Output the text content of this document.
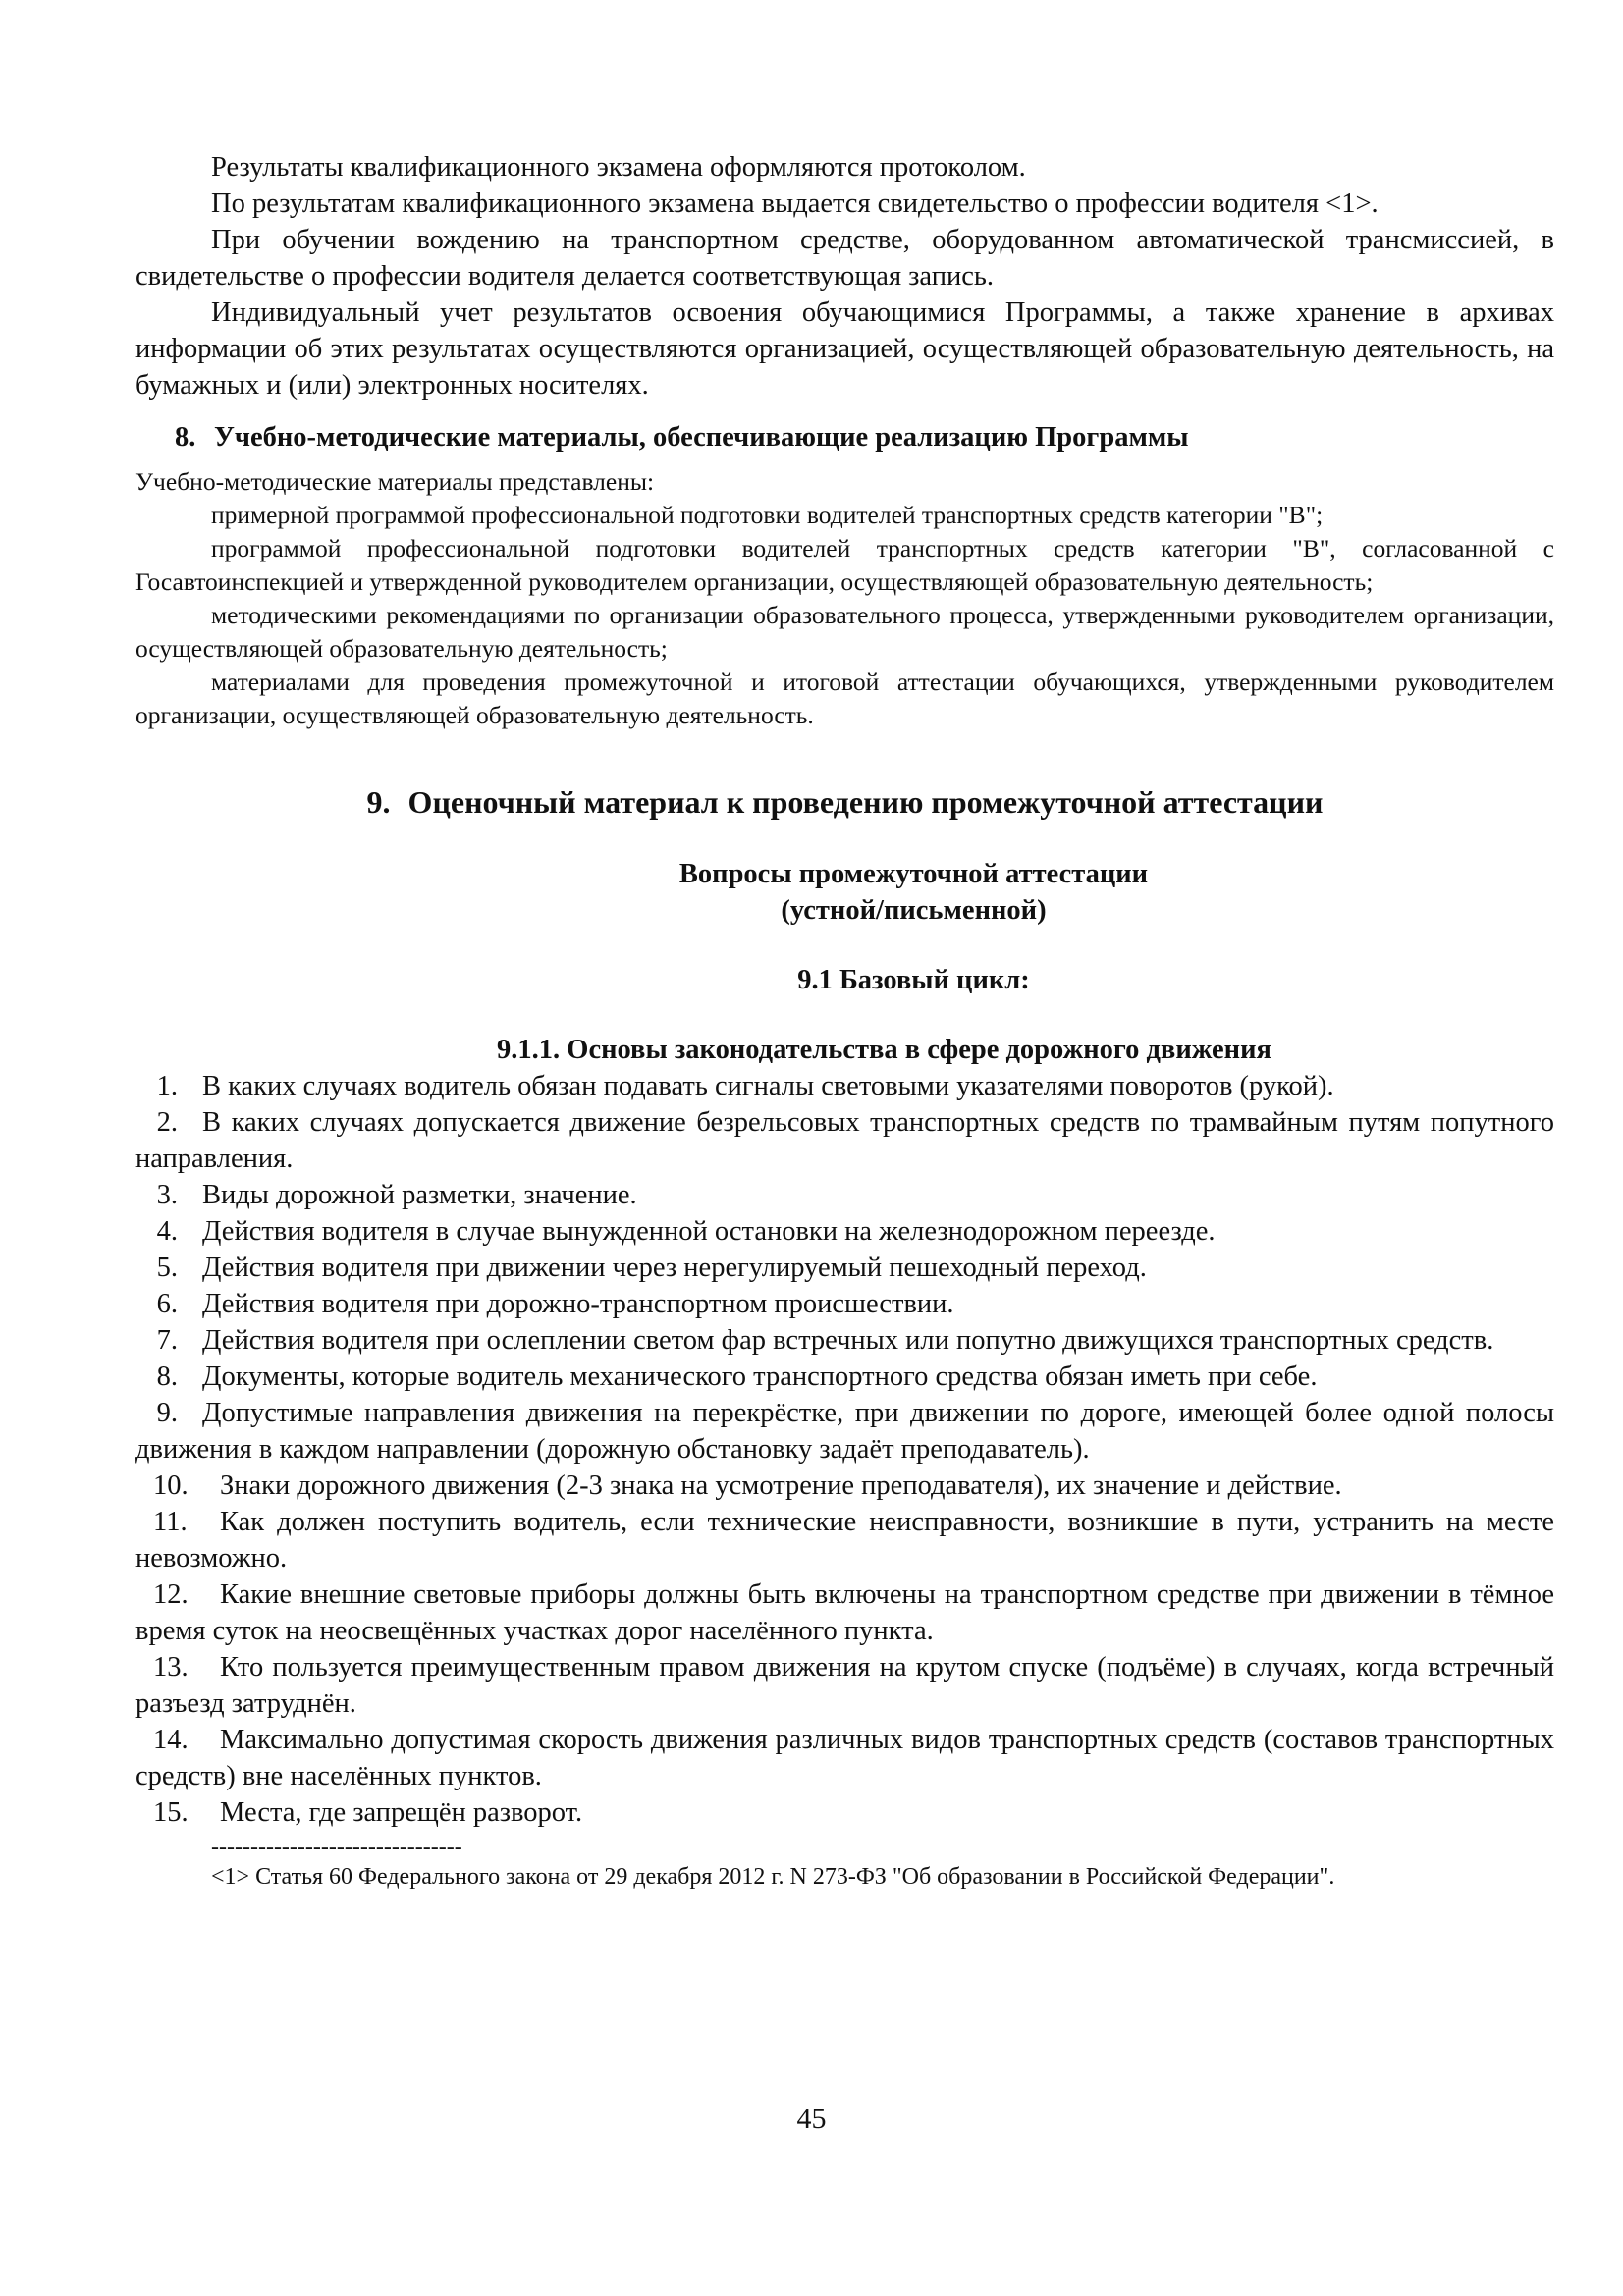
Результаты квалификационного экзамена оформляются протоколом.

По результатам квалификационного экзамена выдается свидетельство о профессии водителя <1>.

При обучении вождению на транспортном средстве, оборудованном автоматической трансмиссией, в свидетельстве о профессии водителя делается соответствующая запись.

Индивидуальный учет результатов освоения обучающимися Программы, а также хранение в архивах информации об этих результатах осуществляются организацией, осуществляющей образовательную деятельность, на бумажных и (или) электронных носителях.

8. Учебно-методические материалы, обеспечивающие реализацию Программы

Учебно-методические материалы представлены:

примерной программой профессиональной подготовки водителей транспортных средств категории "B";

программой профессиональной подготовки водителей транспортных средств категории "B", согласованной с Госавтоинспекцией и утвержденной руководителем организации, осуществляющей образовательную деятельность;

методическими рекомендациями по организации образовательного процесса, утвержденными руководителем организации, осуществляющей образовательную деятельность;

материалами для проведения промежуточной и итоговой аттестации обучающихся, утвержденными руководителем организации, осуществляющей образовательную деятельность.

9. Оценочный материал к проведению промежуточной аттестации
Вопросы промежуточной аттестации
(устной/письменной)
9.1 Базовый цикл:
9.1.1. Основы законодательства в сфере дорожного движения

1. В каких случаях водитель обязан подавать сигналы световыми указателями поворотов (рукой).

2. В каких случаях допускается движение безрельсовых транспортных средств по трамвайным путям попутного направления.

3. Виды дорожной разметки, значение.

4. Действия водителя в случае вынужденной остановки на железнодорожном переезде.

5. Действия водителя при движении через нерегулируемый пешеходный переход.

6. Действия водителя при дорожно-транспортном происшествии.

7. Действия водителя при ослеплении светом фар встречных или попутно движущихся транспортных средств.

8. Документы, которые водитель механического транспортного средства обязан иметь при себе.

9. Допустимые направления движения на перекрёстке, при движении по дороге, имеющей более одной полосы движения в каждом направлении (дорожную обстановку задаёт преподаватель).

10. Знаки дорожного движения (2-3 знака на усмотрение преподавателя), их значение и действие.

11. Как должен поступить водитель, если технические неисправности, возникшие в пути, устранить на месте невозможно.

12. Какие внешние световые приборы должны быть включены на транспортном средстве при движении в тёмное время суток на неосвещённых участках дорог населённого пункта.

13. Кто пользуется преимущественным правом движения на крутом спуске (подъёме) в случаях, когда встречный разъезд затруднён.

14. Максимально допустимая скорость движения различных видов транспортных средств (составов транспортных средств) вне населённых пунктов.

15. Места, где запрещён разворот.

--------------------------------
<1> Статья 60 Федерального закона от 29 декабря 2012 г. N 273-ФЗ "Об образовании в Российской Федерации".
45
